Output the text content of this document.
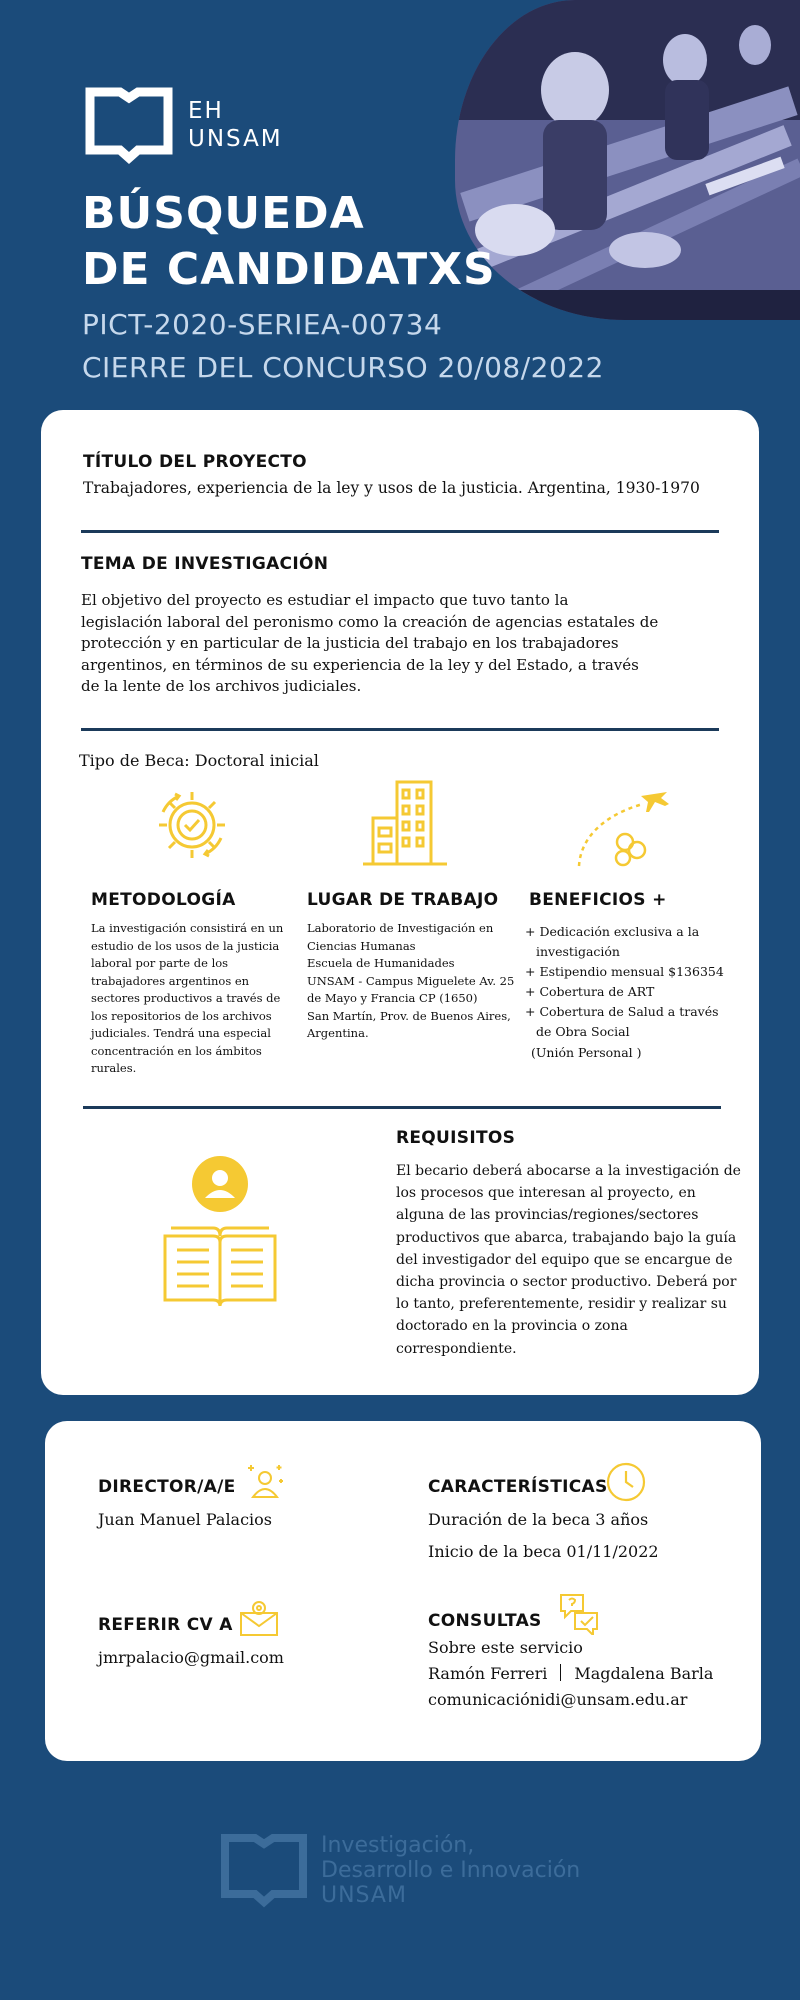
EH
UNSAM
BÚSQUEDA
DE CANDIDATXS
PICT-2020-SERIEA-00734
CIERRE DEL CONCURSO 20/08/2022
TÍTULO DEL PROYECTO
Trabajadores, experiencia de la ley y usos de la justicia. Argentina, 1930-1970
TEMA DE INVESTIGACIÓN
El objetivo del proyecto es estudiar el impacto que tuvo tanto la
legislación laboral del peronismo como la creación de agencias estatales de
protección y en particular de la justicia del trabajo en los trabajadores
argentinos, en términos de su experiencia de la ley y del Estado, a través
de la lente de los archivos judiciales.
Tipo de Beca: Doctoral inicial
METODOLOGÍA
La investigación consistirá en un
estudio de los usos de la justicia
laboral por parte de los
trabajadores argentinos en
sectores productivos a través de
los repositorios de los archivos
judiciales. Tendrá una especial
concentración en los ámbitos
rurales.
LUGAR DE TRABAJO
Laboratorio de Investigación en
Ciencias Humanas
Escuela de Humanidades
UNSAM - Campus Miguelete Av. 25
de Mayo y Francia CP (1650)
San Martín, Prov. de Buenos Aires,
Argentina.
BENEFICIOS +
+ Dedicación exclusiva a la investigación
+ Estipendio mensual $136354
+ Cobertura de ART
+ Cobertura de Salud a través de Obra Social
(Unión Personal )
REQUISITOS
El becario deberá abocarse a la investigación de
los procesos que interesan al proyecto, en
alguna de las provincias/regiones/sectores
productivos que abarca, trabajando bajo la guía
del investigador del equipo que se encargue de
dicha provincia o sector productivo. Deberá por
lo tanto, preferentemente, residir y realizar su
doctorado en la provincia o zona
correspondiente.
DIRECTOR/A/E
Juan Manuel Palacios
CARACTERÍSTICAS
Duración de la beca 3 años
Inicio de la beca 01/11/2022
REFERIR CV A
jmrpalacio@gmail.com
CONSULTAS
Sobre este servicio
Ramón Ferreri Magdalena Barla
comunicaciónidi@unsam.edu.ar
Investigación,
Desarrollo e Innovación
UNSAM
